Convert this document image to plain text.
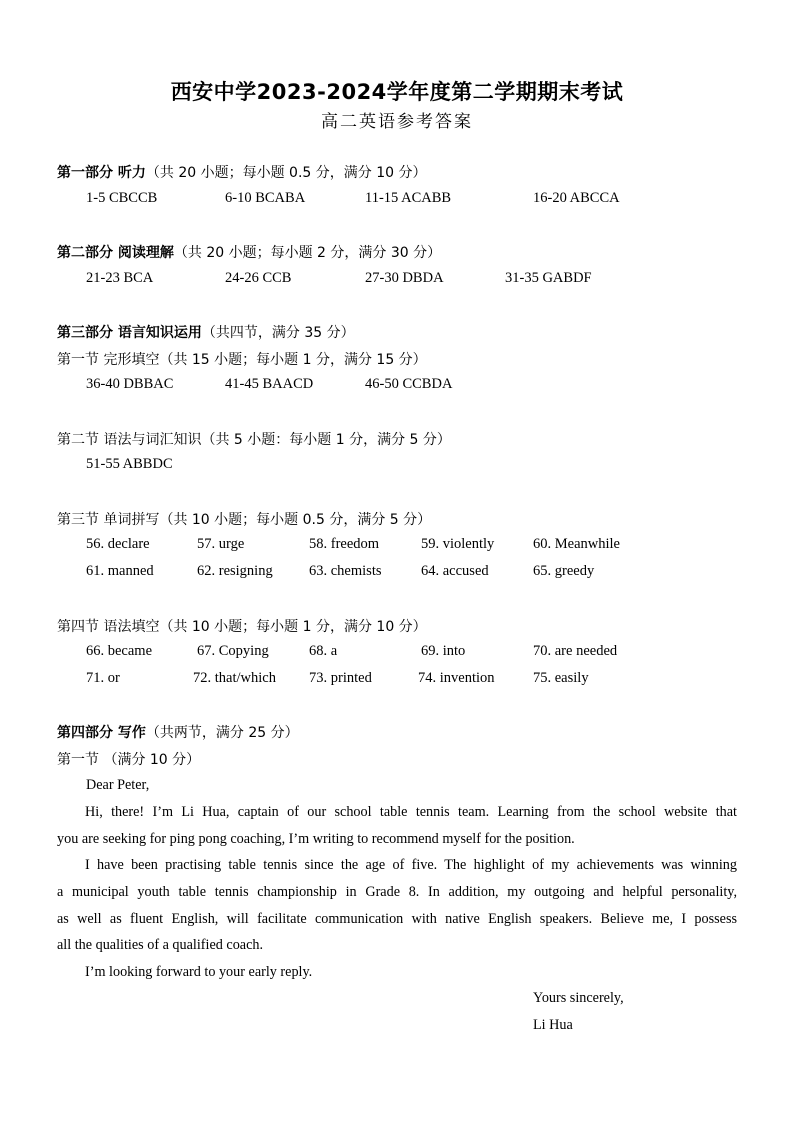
西安中学2023-2024学年度第二学期期末考试
高二英语参考答案
第一部分 听力（共 20 小题；每小题 0.5 分，满分 10 分）
1-5 CBCCB	6-10 BCABA	11-15 ACABB	16-20 ABCCA
第二部分 阅读理解（共 20 小题；每小题 2 分，满分 30 分）
21-23 BCA	24-26 CCB	27-30 DBDA	31-35 GABDF
第三部分 语言知识运用（共四节，满分 35 分）
第一节 完形填空（共 15 小题；每小题 1 分，满分 15 分）
36-40 DBBAC	41-45 BAACD	46-50 CCBDA
第二节 语法与词汇知识（共 5 小题：每小题 1 分，满分 5 分）
51-55 ABBDC
第三节 单词拼写（共 10 小题；每小题 0.5 分，满分 5 分）
56. declare	57. urge	58. freedom	59. violently	60. Meanwhile
61. manned	62. resigning	63. chemists	64. accused	65. greedy
第四节 语法填空（共 10 小题；每小题 1 分，满分 10 分）
66. became	67. Copying	68. a	69. into	70. are needed
71. or	72. that/which 73. printed	74. invention	75. easily
第四部分 写作（共两节，满分 25 分）
第一节 （满分 10 分）
Dear Peter,
Hi, there! I’m Li Hua, captain of our school table tennis team. Learning from the school website that
you are seeking for ping pong coaching, I’m writing to recommend myself for the position.
I have been practising table tennis since the age of five. The highlight of my achievements was winning
a municipal youth table tennis championship in Grade 8. In addition, my outgoing and helpful personality,
as well as fluent English, will facilitate communication with native English speakers. Believe me, I possess
all the qualities of a qualified coach.
I’m looking forward to your early reply.
Yours sincerely,
Li Hua
